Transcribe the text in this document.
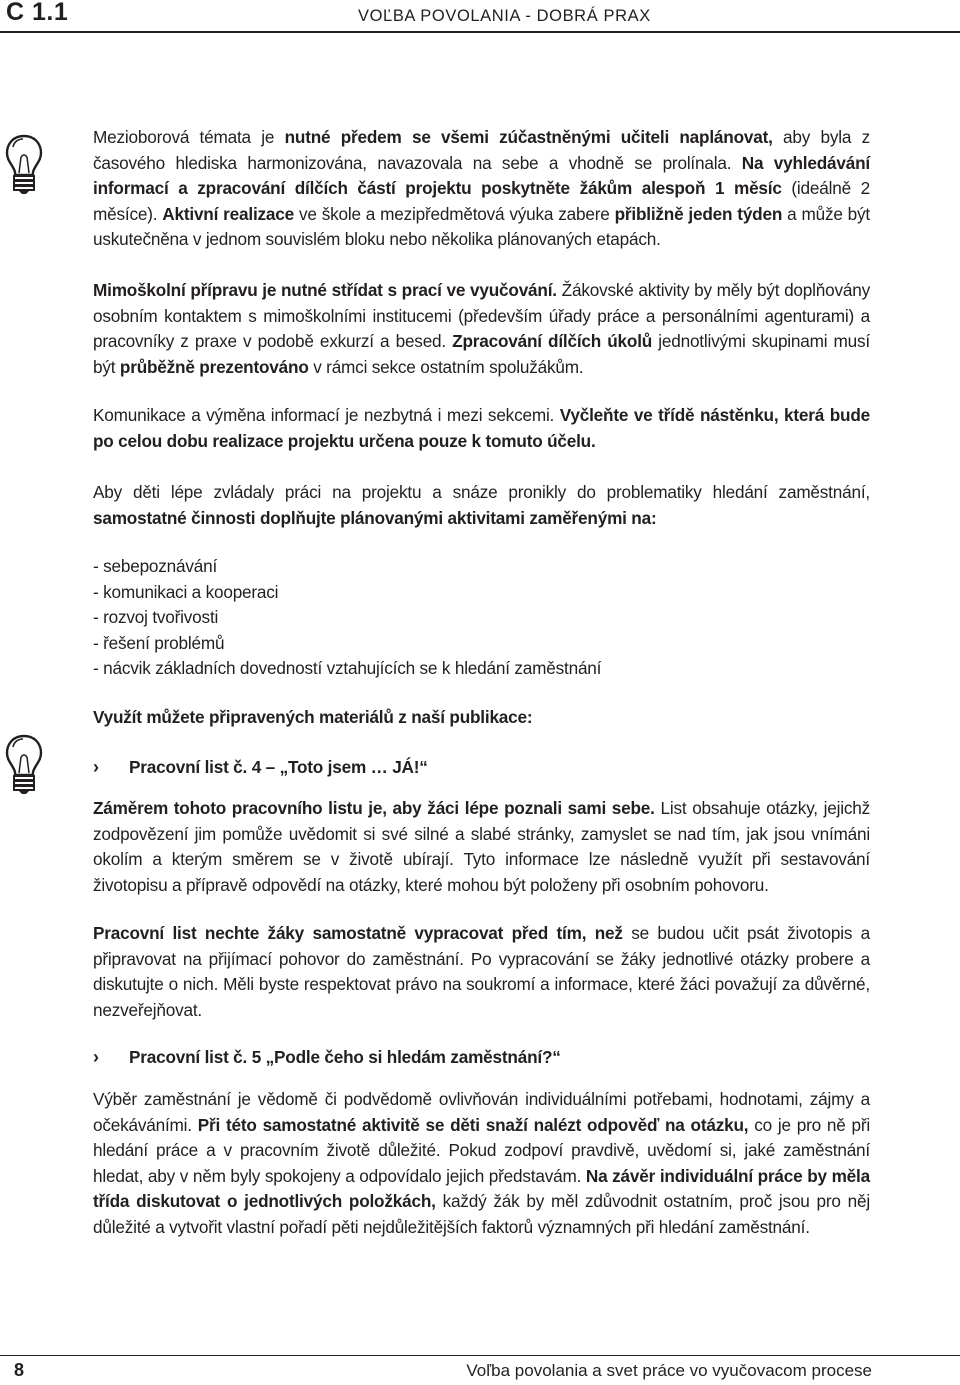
C 1.1	VOĽBA POVOLANIA - DOBRÁ PRAX

Mezioborová témata je nutné předem se všemi zúčastněnými učiteli naplánovat, aby byla z časového hlediska harmonizována, navazovala na sebe a vhodně se prolínala. Na vyhledávání informací a zpracování dílčích částí projektu poskytněte žákům alespoň 1 měsíc (ideálně 2 měsíce). Aktivní realizace ve škole a mezipředmětová výuka zabere přibližně jeden týden a může být uskutečněna v jednom souvislém bloku nebo několika plánovaných etapách.

Mimoškolní přípravu je nutné střídat s prací ve vyučování. Žákovské aktivity by měly být doplňovány osobním kontaktem s mimoškolními institucemi (především úřady práce a personálními agenturami) a pracovníky z praxe v podobě exkurzí a besed. Zpracování dílčích úkolů jednotlivými skupinami musí být průběžně prezentováno v rámci sekce ostatním spolužákům.

Komunikace a výměna informací je nezbytná i mezi sekcemi. Vyčleňte ve třídě nástěnku, která bude po celou dobu realizace projektu určena pouze k tomuto účelu.

Aby děti lépe zvládaly práci na projektu a snáze pronikly do problematiky hledání zaměstnání, samostatné činnosti doplňujte plánovanými aktivitami zaměřenými na:

- sebepoznávání
- komunikaci a kooperaci
- rozvoj tvořivosti
- řešení problémů
- nácvik základních dovedností vztahujících se k hledání zaměstnání

Využít můžete připravených materiálů z naší publikace:

› Pracovní list č. 4 – „Toto jsem … JÁ!“

Záměrem tohoto pracovního listu je, aby žáci lépe poznali sami sebe. List obsahuje otázky, jejichž zodpovězení jim pomůže uvědomit si své silné a slabé stránky, zamyslet se nad tím, jak jsou vnímáni okolím a kterým směrem se v životě ubírají. Tyto informace lze následně využít při sestavování životopisu a přípravě odpovědí na otázky, které mohou být položeny při osobním pohovoru.

Pracovní list nechte žáky samostatně vypracovat před tím, než se budou učit psát životopis a připravovat na přijímací pohovor do zaměstnání. Po vypracování se žáky jednotlivé otázky probere a diskutujte o nich. Měli byste respektovat právo na soukromí a informace, které žáci považují za důvěrné, nezveřejňovat.

› Pracovní list č. 5 „Podle čeho si hledám zaměstnání?“

Výběr zaměstnání je vědomě či podvědomě ovlivňován individuálními potřebami, hodnotami, zájmy a očekáváními. Při této samostatné aktivitě se děti snaží nalézt odpověď na otázku, co je pro ně při hledání práce a v pracovním životě důležité. Pokud zodpoví pravdivě, uvědomí si, jaké zaměstnání hledat, aby v něm byly spokojeny a odpovídalo jejich představám. Na závěr individuální práce by měla třída diskutovat o jednotlivých položkách, každý žák by měl zdůvodnit ostatním, proč jsou pro něj důležité a vytvořit vlastní pořadí pěti nejdůležitějších faktorů významných při hledání zaměstnání.

8	Voľba povolania a svet práce vo vyučovacom procese
